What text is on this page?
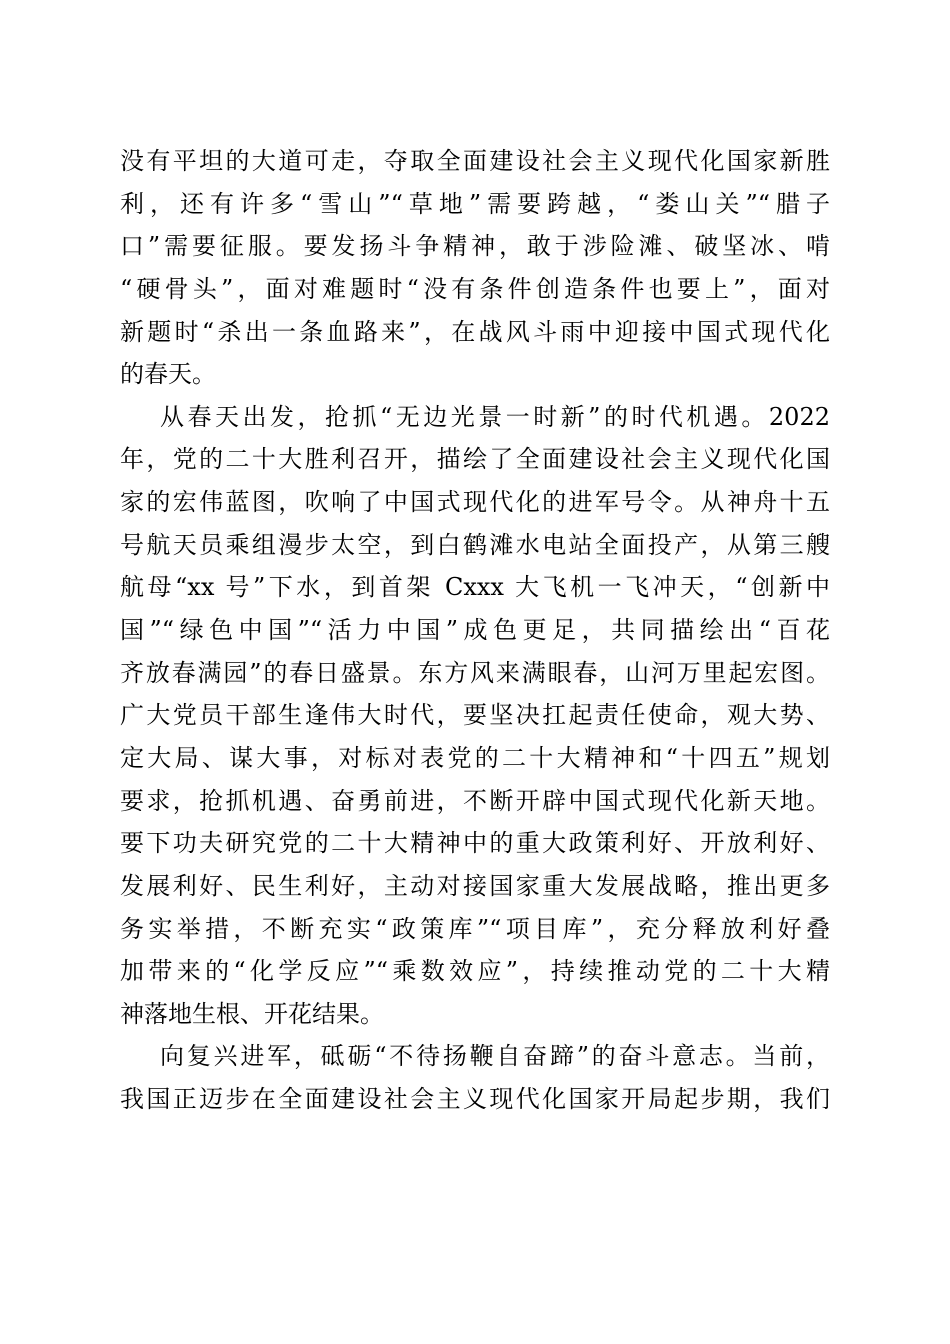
没有平坦的大道可走，夺取全面建设社会主义现代化国家新胜
利，还有许多“雪山”“草地”需要跨越，“娄山关”“腊子
口”需要征服。要发扬斗争精神，敢于涉险滩、破坚冰、啃
“硬骨头”，面对难题时“没有条件创造条件也要上”，面对
新题时“杀出一条血路来”，在战风斗雨中迎接中国式现代化
的春天。
从春天出发，抢抓“无边光景一时新”的时代机遇。2022
年，党的二十大胜利召开，描绘了全面建设社会主义现代化国
家的宏伟蓝图，吹响了中国式现代化的进军号令。从神舟十五
号航天员乘组漫步太空，到白鹤滩水电站全面投产，从第三艘
航母“xx 号”下水，到首架 Cxxx 大飞机一飞冲天，“创新中
国”“绿色中国”“活力中国”成色更足，共同描绘出“百花
齐放春满园”的春日盛景。东方风来满眼春，山河万里起宏图。
广大党员干部生逢伟大时代，要坚决扛起责任使命，观大势、
定大局、谋大事，对标对表党的二十大精神和“十四五”规划
要求，抢抓机遇、奋勇前进，不断开辟中国式现代化新天地。
要下功夫研究党的二十大精神中的重大政策利好、开放利好、
发展利好、民生利好，主动对接国家重大发展战略，推出更多
务实举措，不断充实“政策库”“项目库”，充分释放利好叠
加带来的“化学反应”“乘数效应”，持续推动党的二十大精
神落地生根、开花结果。
向复兴进军，砥砺“不待扬鞭自奋蹄”的奋斗意志。当前，
我国正迈步在全面建设社会主义现代化国家开局起步期，我们
